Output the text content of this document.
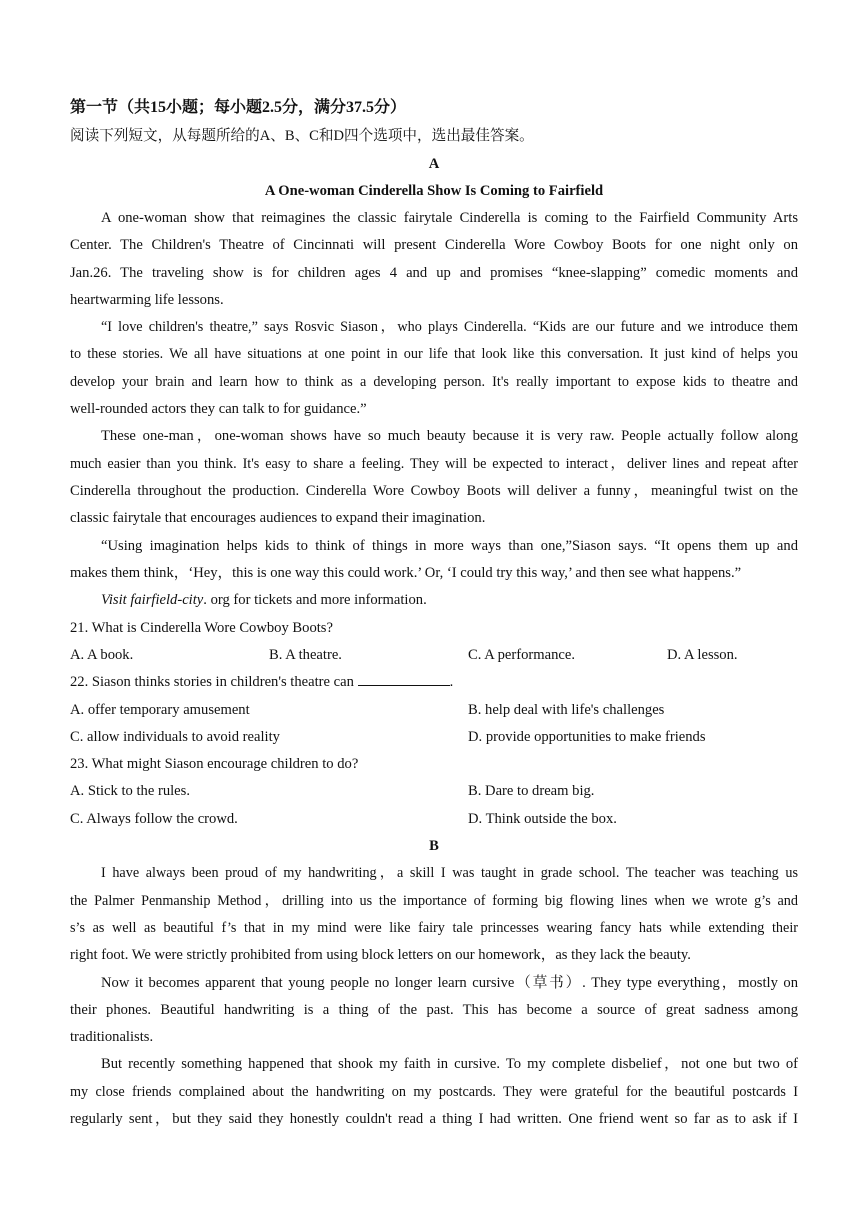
第一节（共15小题；每小题2.5分，满分37.5分）
阅读下列短文，从每题所给的A、B、C和D四个选项中，选出最佳答案。
A
A One-woman Cinderella Show Is Coming to Fairfield
A one-woman show that reimagines the classic fairytale Cinderella is coming to the Fairfield Community Arts
Center. The Children's Theatre of Cincinnati will present Cinderella Wore Cowboy Boots for one night only on
Jan.26. The traveling show is for children ages 4 and up and promises “knee-slapping” comedic moments and
heartwarming life lessons.
“I love children's theatre,” says Rosvic Siason，who plays Cinderella. “Kids are our future and we introduce them
to these stories. We all have situations at one point in our life that look like this conversation. It just kind of helps you
develop your brain and learn how to think as a developing person. It's really important to expose kids to theatre and
well-rounded actors they can talk to for guidance.”
These one-man，one-woman shows have so much beauty because it is very raw. People actually follow along
much easier than you think. It's easy to share a feeling. They will be expected to interact，deliver lines and repeat after
Cinderella throughout the production. Cinderella Wore Cowboy Boots will deliver a funny，meaningful twist on the
classic fairytale that encourages audiences to expand their imagination.
“Using imagination helps kids to think of things in more ways than one,”Siason says. “It opens them up and
makes them think，‘Hey，this is one way this could work.’ Or, ‘I could try this way,’ and then see what happens.”
Visit fairfield-city. org for tickets and more information.
21. What is Cinderella Wore Cowboy Boots?
A. A book.	B. A theatre.	C. A performance.	D. A lesson.
22. Siason thinks stories in children's theatre can	.
A. offer temporary amusement	B. help deal with life's challenges
C. allow individuals to avoid reality	D. provide opportunities to make friends
23. What might Siason encourage children to do?
A. Stick to the rules.	B. Dare to dream big.
C. Always follow the crowd.	D. Think outside the box.
B
I have always been proud of my handwriting，a skill I was taught in grade school. The teacher was teaching us
the Palmer Penmanship Method，drilling into us the importance of forming big flowing lines when we wrote g’s and
s’s as well as beautiful f’s that in my mind were like fairy tale princesses wearing fancy hats while extending their
right foot. We were strictly prohibited from using block letters on our homework，as they lack the beauty.
Now it becomes apparent that young people no longer learn cursive（草书）. They type everything，mostly on
their phones. Beautiful handwriting is a thing of the past. This has become a source of great sadness among
traditionalists.
But recently something happened that shook my faith in cursive. To my complete disbelief，not one but two of
my close friends complained about the handwriting on my postcards. They were grateful for the beautiful postcards I
regularly sent，but they said they honestly couldn't read a thing I had written. One friend went so far as to ask if I
